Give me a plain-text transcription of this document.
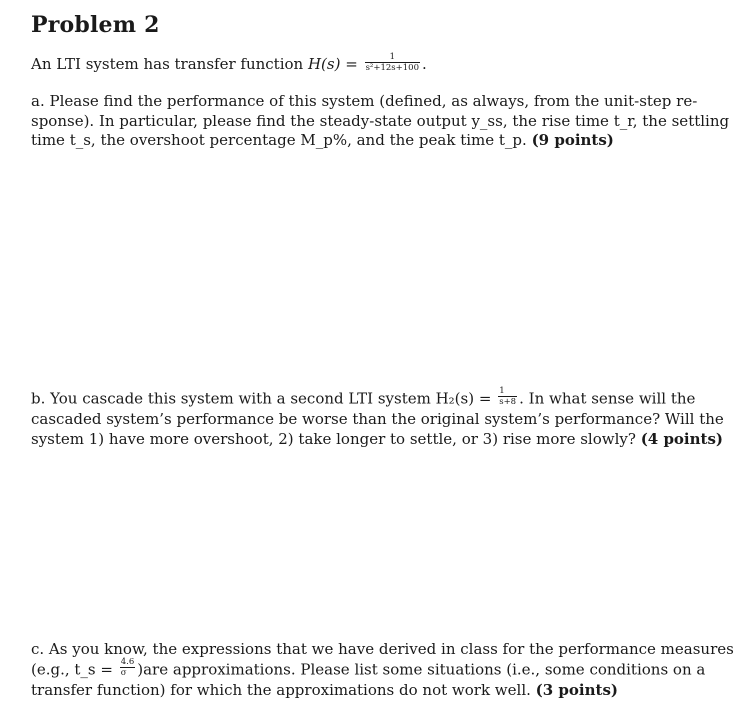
Problem 2
An LTI system has transfer function $H(s) = \frac{1}{\text{s²+12s+100}}$ .
a. Please find the performance of this system (defined, as always, from the unit-step re-
sponse). In particular, please find the steady-state output y_ss, the rise time t_r, the settling
time t_s, the overshoot percentage M_p%, and the peak time t_p. (9 points)
b. You cascade this system with a second LTI system $H_2(s) = \frac{1}{s+8}$ . In what sense will the
cascaded system’s performance be worse than the original system’s performance? Will the
system 1) have more overshoot, 2) take longer to settle, or 3) rise more slowly? (4 points)
c. As you know, the expressions that we have derived in class for the performance measures
(e.g., t_s = $\frac{4.6}{\sigma} )are$ approximations. Please list some situations (i.e., some conditions on a
transfer function) for which the approximations do not work well. (3 points)
